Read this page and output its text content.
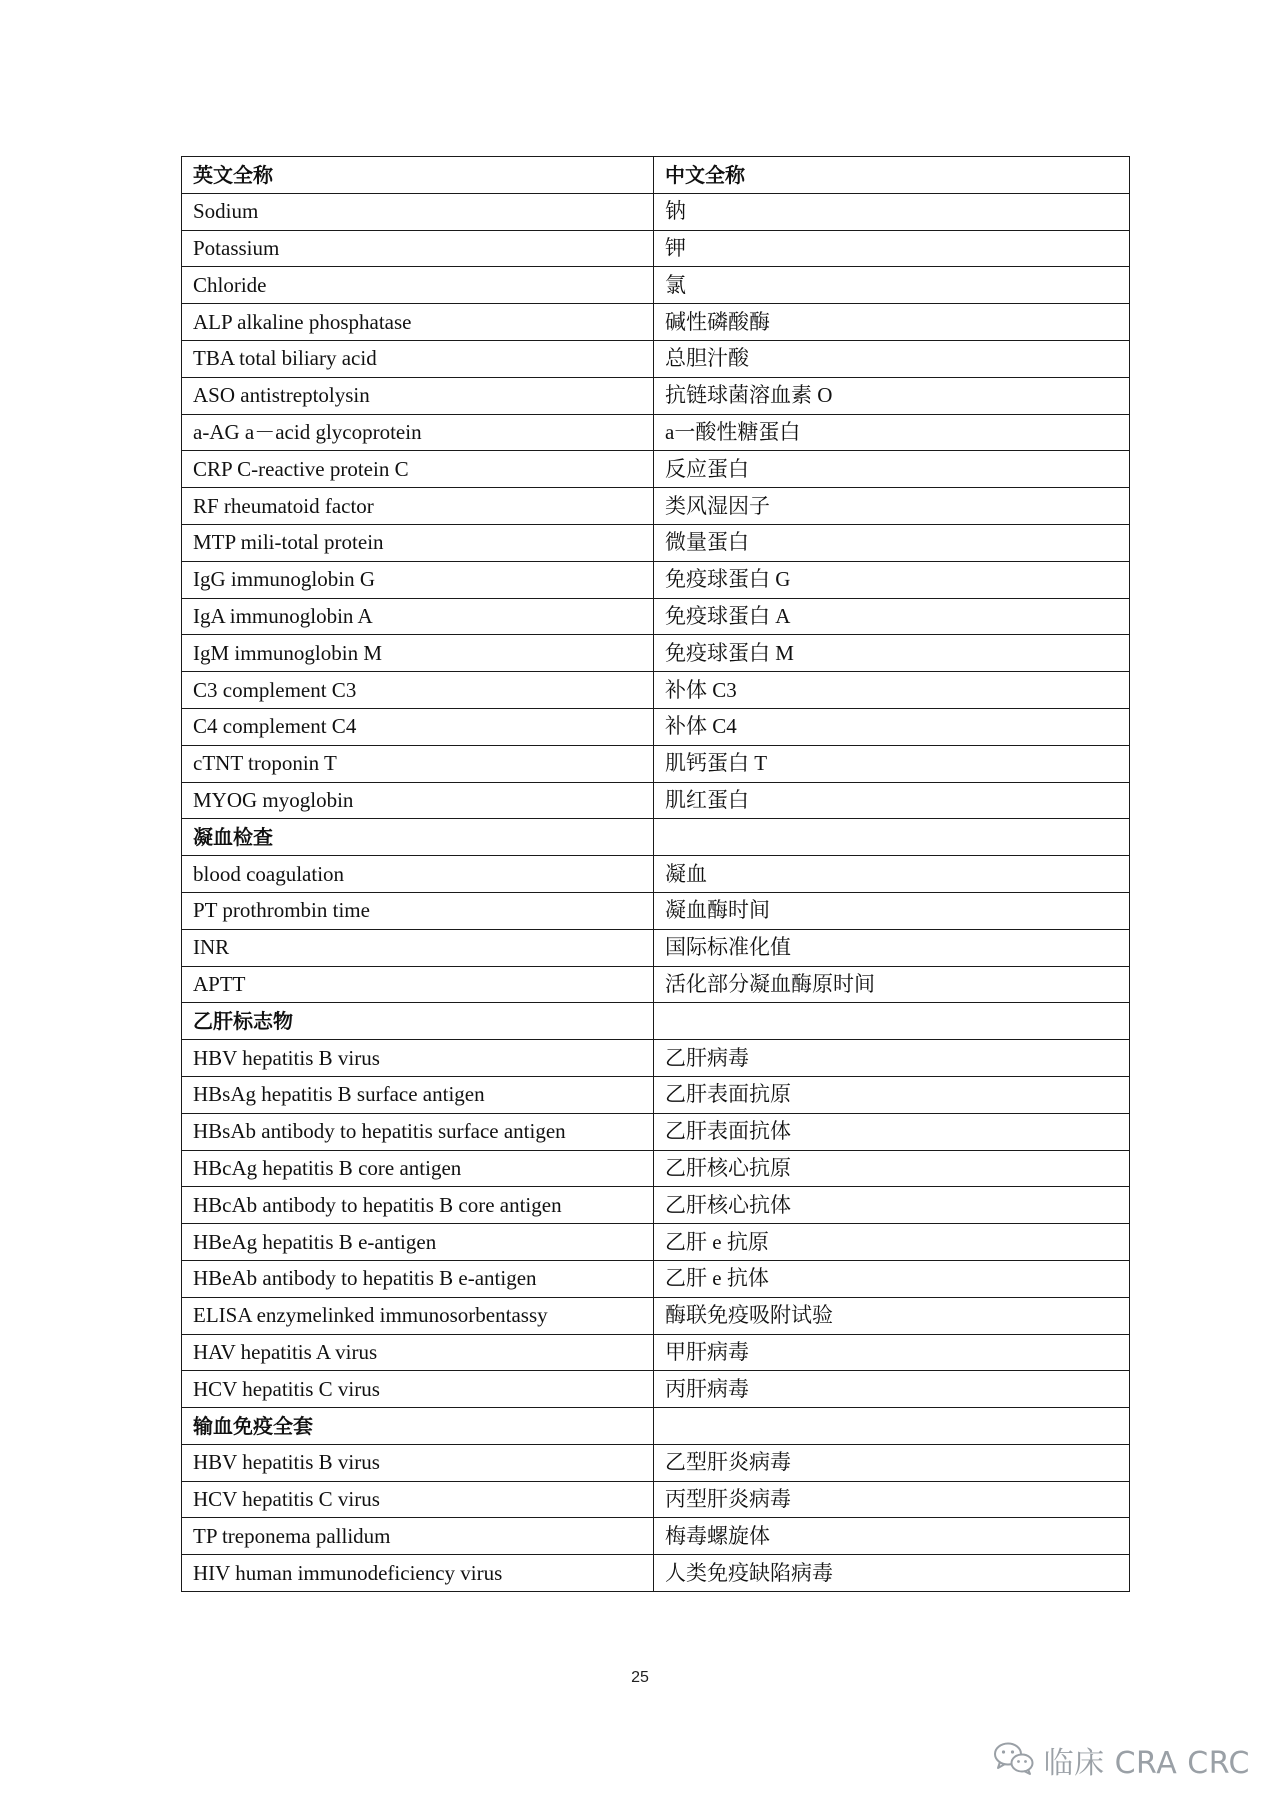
英文全称	中文全称
Sodium	钠
Potassium	钾
Chloride	氯
ALP alkaline phosphatase	碱性磷酸酶
TBA total biliary acid	总胆汁酸
ASO antistreptolysin	抗链球菌溶血素 O
a-AG a－acid glycoprotein	a一酸性糖蛋白
CRP C-reactive protein C	反应蛋白
RF rheumatoid factor	类风湿因子
MTP mili-total protein	微量蛋白
IgG immunoglobin G	免疫球蛋白 G
IgA immunoglobin A	免疫球蛋白 A
IgM immunoglobin M	免疫球蛋白 M
C3 complement C3	补体 C3
C4 complement C4	补体 C4
cTNT troponin T	肌钙蛋白 T
MYOG myoglobin	肌红蛋白
凝血检查	
blood coagulation	凝血
PT prothrombin time	凝血酶时间
INR	国际标准化值
APTT	活化部分凝血酶原时间
乙肝标志物	
HBV hepatitis B virus	乙肝病毒
HBsAg hepatitis B surface antigen	乙肝表面抗原
HBsAb antibody to hepatitis surface antigen	乙肝表面抗体
HBcAg hepatitis B core antigen	乙肝核心抗原
HBcAb antibody to hepatitis B core antigen	乙肝核心抗体
HBeAg hepatitis B e-antigen	乙肝 e 抗原
HBeAb antibody to hepatitis B e-antigen	乙肝 e 抗体
ELISA enzymelinked immunosorbentassy	酶联免疫吸附试验
HAV hepatitis A virus	甲肝病毒
HCV hepatitis C virus	丙肝病毒
输血免疫全套	
HBV hepatitis B virus	乙型肝炎病毒
HCV hepatitis C virus	丙型肝炎病毒
TP treponema pallidum	梅毒螺旋体
HIV human immunodeficiency virus	人类免疫缺陷病毒
25
临床 CRA CRC
